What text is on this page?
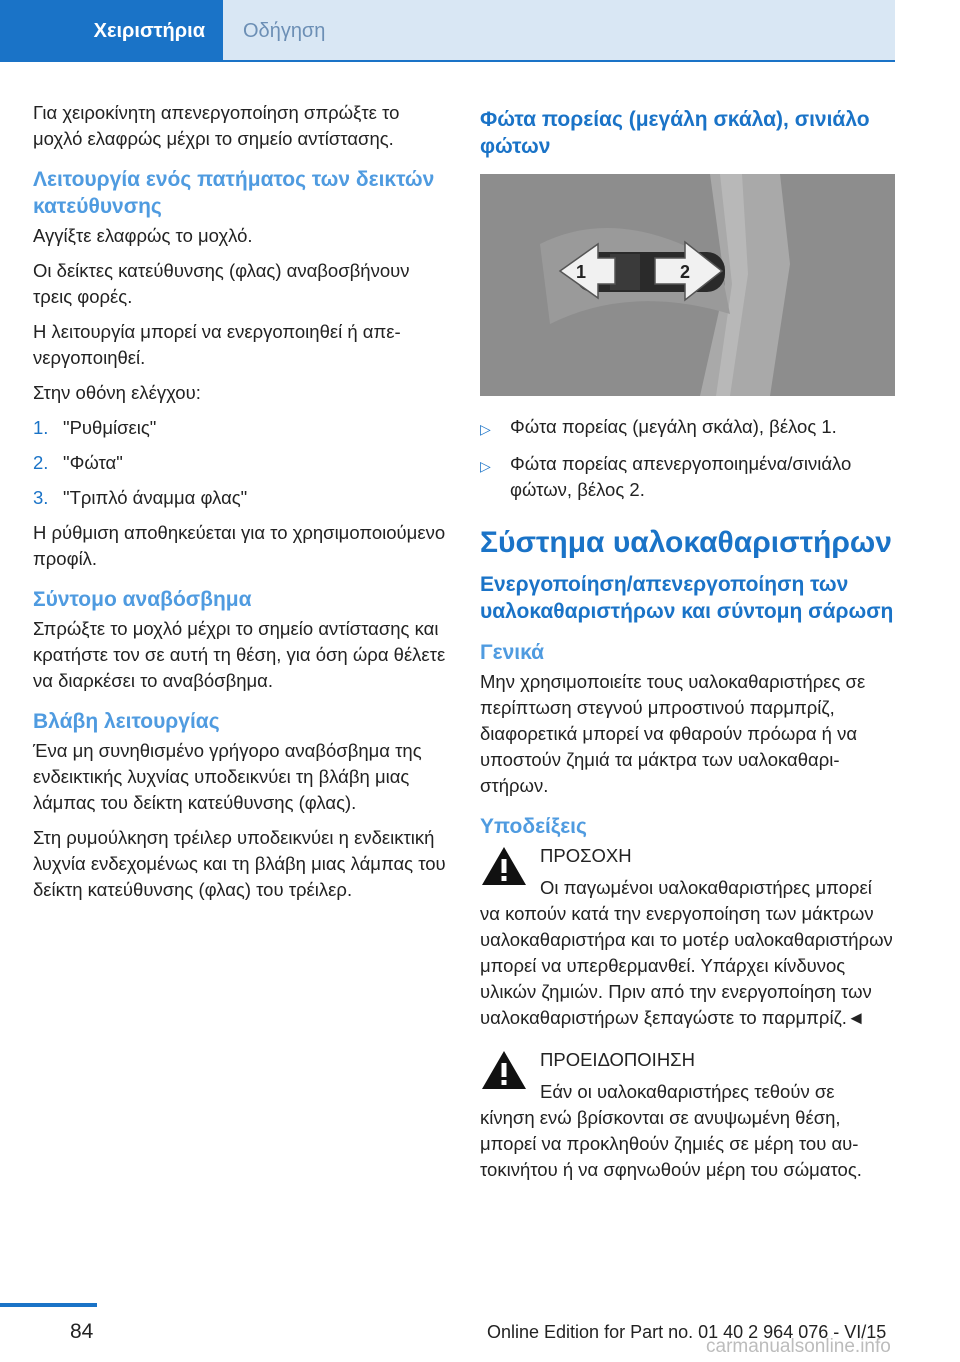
Χειριστήρια	Οδήγηση

Για χειροκίνητη απενεργοποίηση σπρώξτε το μοχλό ελαφρώς μέχρι το σημείο αντίστασης.

Λειτουργία ενός πατήματος των δεικτών κατεύθυνσης

Αγγίξτε ελαφρώς το μοχλό.

Οι δείκτες κατεύθυνσης (φλας) αναβοσβήνουν τρεις φορές.

Η λειτουργία μπορεί να ενεργοποιηθεί ή απενεργοποιηθεί.

Στην οθόνη ελέγχου:

1. "Ρυθμίσεις"
2. "Φώτα"
3. "Τριπλό άναμμα φλας"

Η ρύθμιση αποθηκεύεται για το χρησιμοποιούμενο προφίλ.

Σύντομο αναβόσβημα

Σπρώξτε το μοχλό μέχρι το σημείο αντίστασης και κρατήστε τον σε αυτή τη θέση, για όση ώρα θέλετε να διαρκέσει το αναβόσβημα.

Βλάβη λειτουργίας

Ένα μη συνηθισμένο γρήγορο αναβόσβημα της ενδεικτικής λυχνίας υποδεικνύει τη βλάβη μιας λάμπας του δείκτη κατεύθυνσης (φλας).

Στη ρυμούλκηση τρέιλερ υποδεικνύει η ενδεικτική λυχνία ενδεχομένως και τη βλάβη μιας λάμπας του δείκτη κατεύθυνσης (φλας) του τρέιλερ.

Φώτα πορείας (μεγάλη σκάλα), σινιάλο φώτων
1	2
▷	Φώτα πορείας (μεγάλη σκάλα), βέλος 1.
▷	Φώτα πορείας απενεργοποιημένα/σινιάλο φώτων, βέλος 2.
Σύστημα υαλοκαθαριστήρων
Ενεργοποίηση/απενεργοποίηση των υαλοκαθαριστήρων και σύντομη σάρωση
Γενικά

Μην χρησιμοποιείτε τους υαλοκαθαριστήρες σε περίπτωση στεγνού μπροστινού παρμπρίζ, διαφορετικά μπορεί να φθαρούν πρόωρα ή να υποστούν ζημιά τα μάκτρα των υαλοκαθαριστήρων.

Υποδείξεις

ΠΡΟΣΟΧΗ

Οι παγωμένοι υαλοκαθαριστήρες μπορεί

να κοπούν κατά την ενεργοποίηση των μάκτρων υαλοκαθαριστήρα και το μοτέρ υαλοκαθαριστήρων μπορεί να υπερθερμανθεί. Υπάρχει κίνδυνος υλικών ζημιών. Πριν από την ενεργοποίηση των υαλοκαθαριστήρων ξεπαγώστε το παρμπρίζ.◄

ΠΡΟΕΙΔΟΠΟΙΗΣΗ

Εάν οι υαλοκαθαριστήρες τεθούν σε

κίνηση ενώ βρίσκονται σε ανυψωμένη θέση, μπορεί να προκληθούν ζημιές σε μέρη του αυτοκινήτου ή να σφηνωθούν μέρη του σώματος.

84	Online Edition for Part no. 01 40 2 964 076 - VI/15
carmanualsonline.info
